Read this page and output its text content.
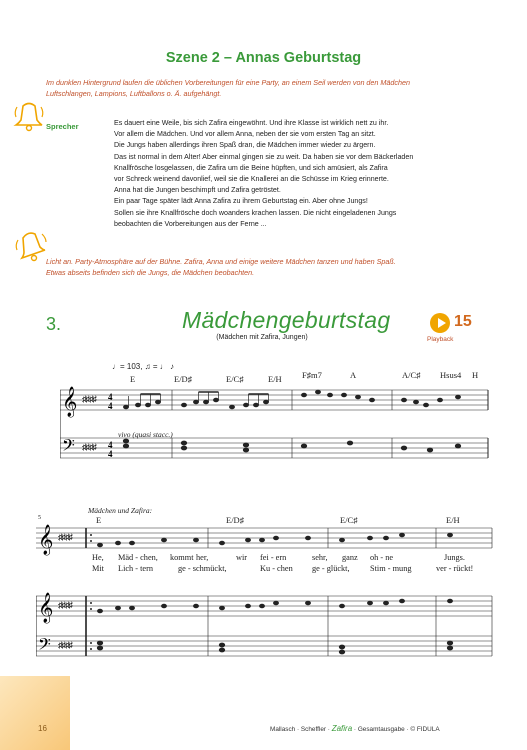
Szene 2 – Annas Geburtstag
Im dunklen Hintergrund laufen die üblichen Vorbereitungen für eine Party, an einem Seil werden von den Mädchen
Luftschlangen, Lampions, Luftballons o. Ä. aufgehängt.
Sprecher	Es dauert eine Weile, bis sich Zafira eingewöhnt. Und ihre Klasse ist wirklich nett zu ihr.
Vor allem die Mädchen. Und vor allem Anna, neben der sie vom ersten Tag an sitzt.
Die Jungs haben allerdings ihren Spaß dran, die Mädchen immer wieder zu ärgern.
Das ist normal in dem Alter! Aber einmal gingen sie zu weit. Da haben sie vor dem Bäckerladen
Knallfrösche losgelassen, die Zafira um die Beine hüpften, und sich amüsiert, als Zafira
vor Schreck weinend davonlief, weil sie die Knallerei an die Schüsse im Krieg erinnerte.
Anna hat die Jungen beschimpft und Zafira getröstet.
Ein paar Tage später lädt Anna Zafira zu ihrem Geburtstag ein. Aber ohne Jungs!
Sollen sie ihre Knallfrösche doch woanders krachen lassen. Die nicht eingeladenen Jungs
beobachten die Vorbereitungen aus der Ferne ...
Licht an. Party-Atmosphäre auf der Bühne. Zafira, Anna und einige weitere Mädchen tanzen und haben Spaß.
Etwas abseits befinden sich die Jungs, die Mädchen beobachten.
3.	Mädchengeburtstag
(Mädchen mit Zafira, Jungen)
15
Playback
♩= 103, ♫ = ♩ ♪
E	E/D♯	E/C♯	E/H F♯m7	A	A/C♯ Hsus4 H
𝄞
𝄢
♯♯♯♯
♯♯♯♯
4
4
4
4
vivo (quasi stacc.)
Mädchen und Zafira:
5	E	E/D♯	E/C♯	E/H
𝄞
𝄞
𝄢
♯♯♯♯
♯♯♯♯
♯♯♯♯
He, Mäd - chen, kommt her,	wir fei - ern	sehr, ganz oh - ne	Jungs.
Mit Lich - tern	ge - schmückt,	Ku - chen ge - glückt, Stim - mung	ver - rückt!
16	Mallasch · Scheffler · Zafira · Gesamtausgabe · © FIDULA
